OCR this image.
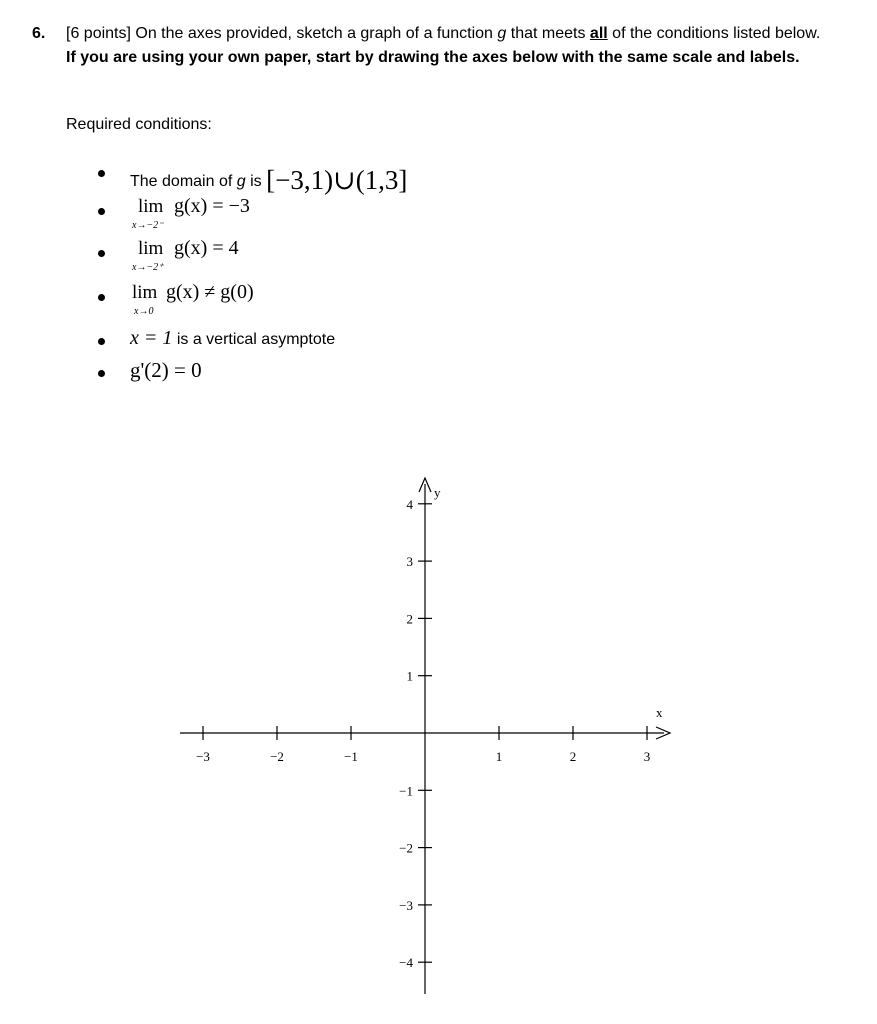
6. [6 points] On the axes provided, sketch a graph of a function g that meets all of the conditions listed below. If you are using your own paper, start by drawing the axes below with the same scale and labels.
Required conditions:
The domain of g is [−3,1)∪(1,3]
lim
x→−2⁻
g(x) = −3
lim
x→−2⁺
g(x) = 4
lim
x→0
g(x) ≠ g(0)
x = 1 is a vertical asymptote
g'(2) = 0
x
y
−3	−2	−1	1	2	3
4
3
2
1
−1
−2
−3
−4
